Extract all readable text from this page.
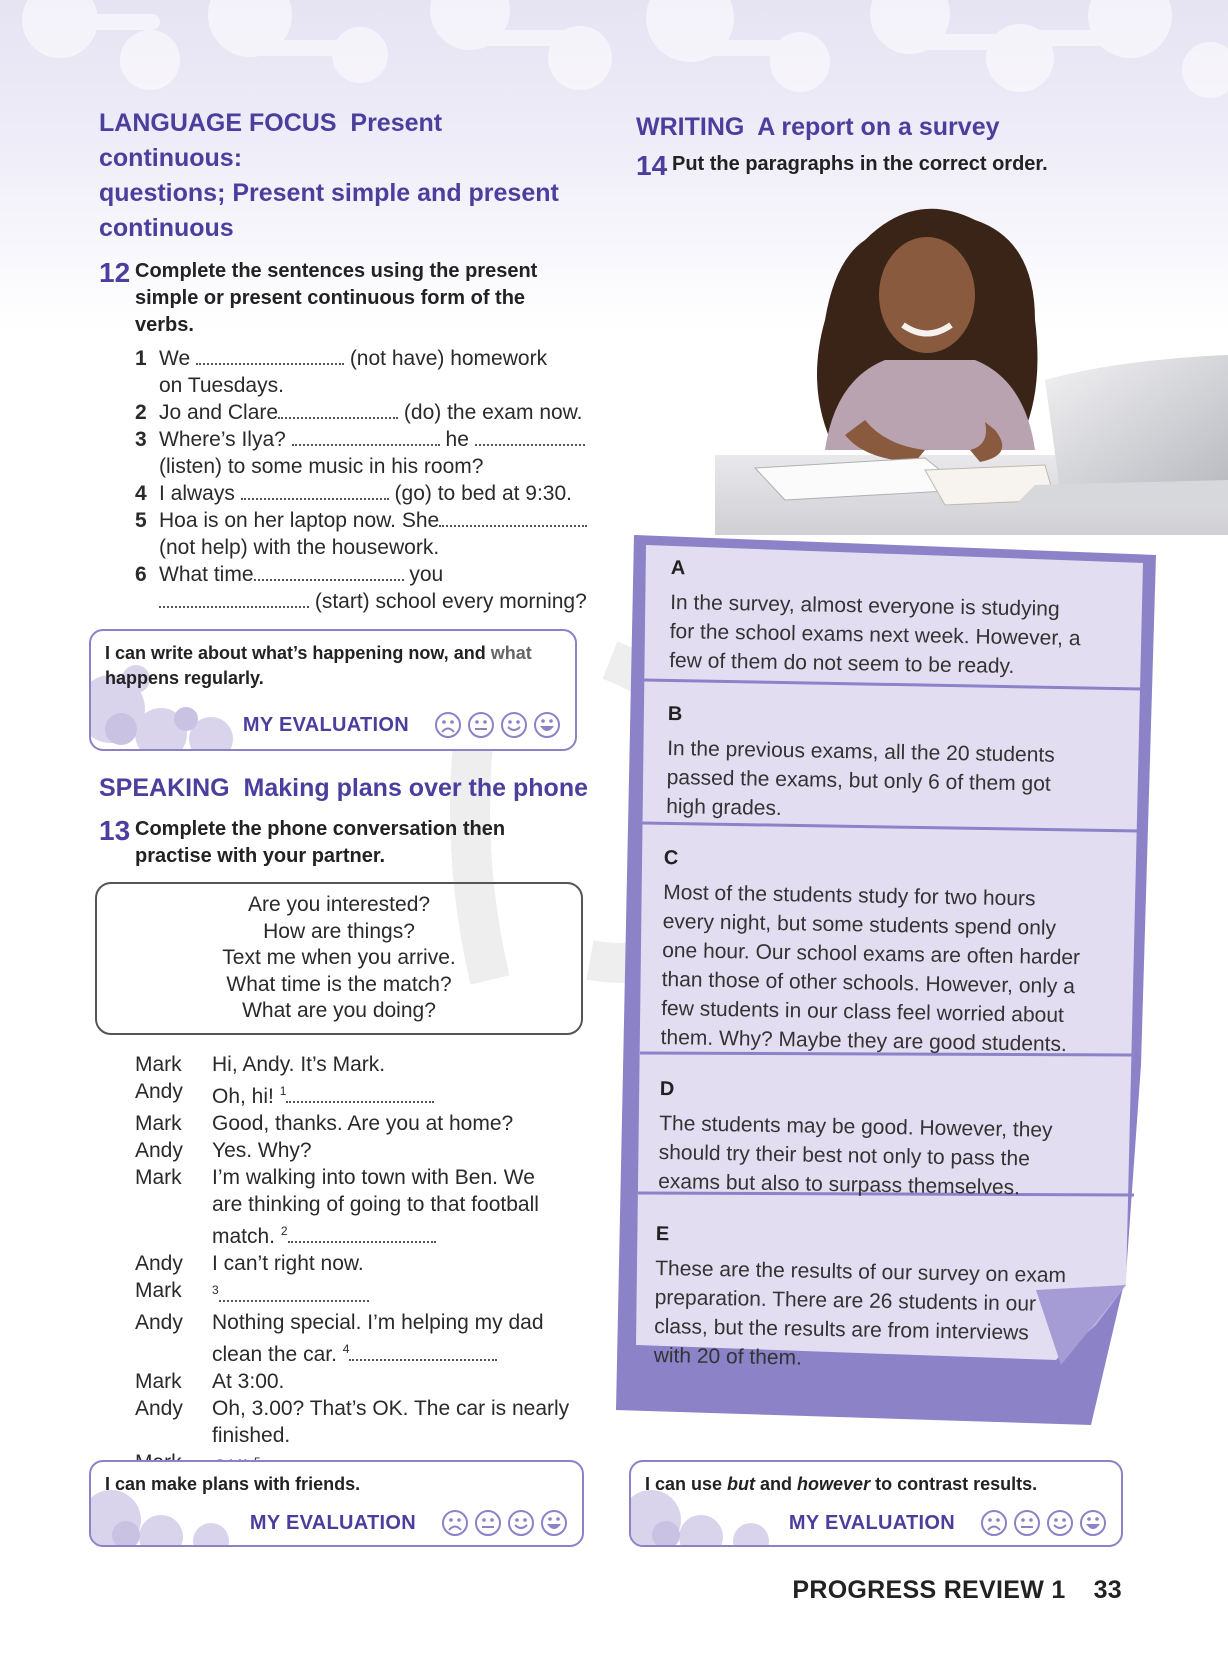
LANGUAGE FOCUS Present continuous:
questions; Present simple and present
continuous
12 Complete the sentences using the present
simple or present continuous form of the
verbs.
1 We	(not have) homework
on Tuesdays.
2 Jo and Clare	(do) the exam now.
3 Where’s Ilya?	he
(listen) to some music in his room?
4 I always	(go) to bed at 9:30.
5 Hoa is on her laptop now. She
(not help) with the housework.
6 What time	you
(start) school every morning?
I can write about what’s happening now, and what
happens regularly.
MY EVALUATION
SPEAKING Making plans over the phone
13 Complete the phone conversation then
practise with your partner.
Are you interested?
How are things?
Text me when you arrive.
What time is the match?
What are you doing?
Mark	Hi, Andy. It’s Mark.
Andy	Oh, hi! $^1$
Mark	Good, thanks. Are you at home?
Andy	Yes. Why?
Mark	I’m walking into town with Ben. We
are thinking of going to that football
match. $^2$
Andy	I can’t right now.
Mark	$^3$
Andy	Nothing special. I’m helping my dad
clean the car. $^4$
Mark	At 3:00.
Andy	Oh, 3.00? That’s OK. The car is nearly
finished.
I can make plans with friends.
MY EVALUATION
WRITING A report on a survey
14 Put the paragraphs in the correct order.
A
In the survey, almost everyone is studying
for the school exams next week. However, a
few of them do not seem to be ready.
B
In the previous exams, all the 20 students
passed the exams, but only 6 of them got
high grades.
C
Most of the students study for two hours
every night, but some students spend only
one hour. Our school exams are often harder
than those of other schools. However, only a
few students in our class feel worried about
them. Why? Maybe they are good students.
D
The students may be good. However, they
should try their best not only to pass the
exams but also to surpass themselves.
E
These are the results of our survey on exam
preparation. There are 26 students in our
class, but the results are from interviews
with 20 of them.
I can use but and however to contrast results.
MY EVALUATION
PROGRESS REVIEW 1 33
